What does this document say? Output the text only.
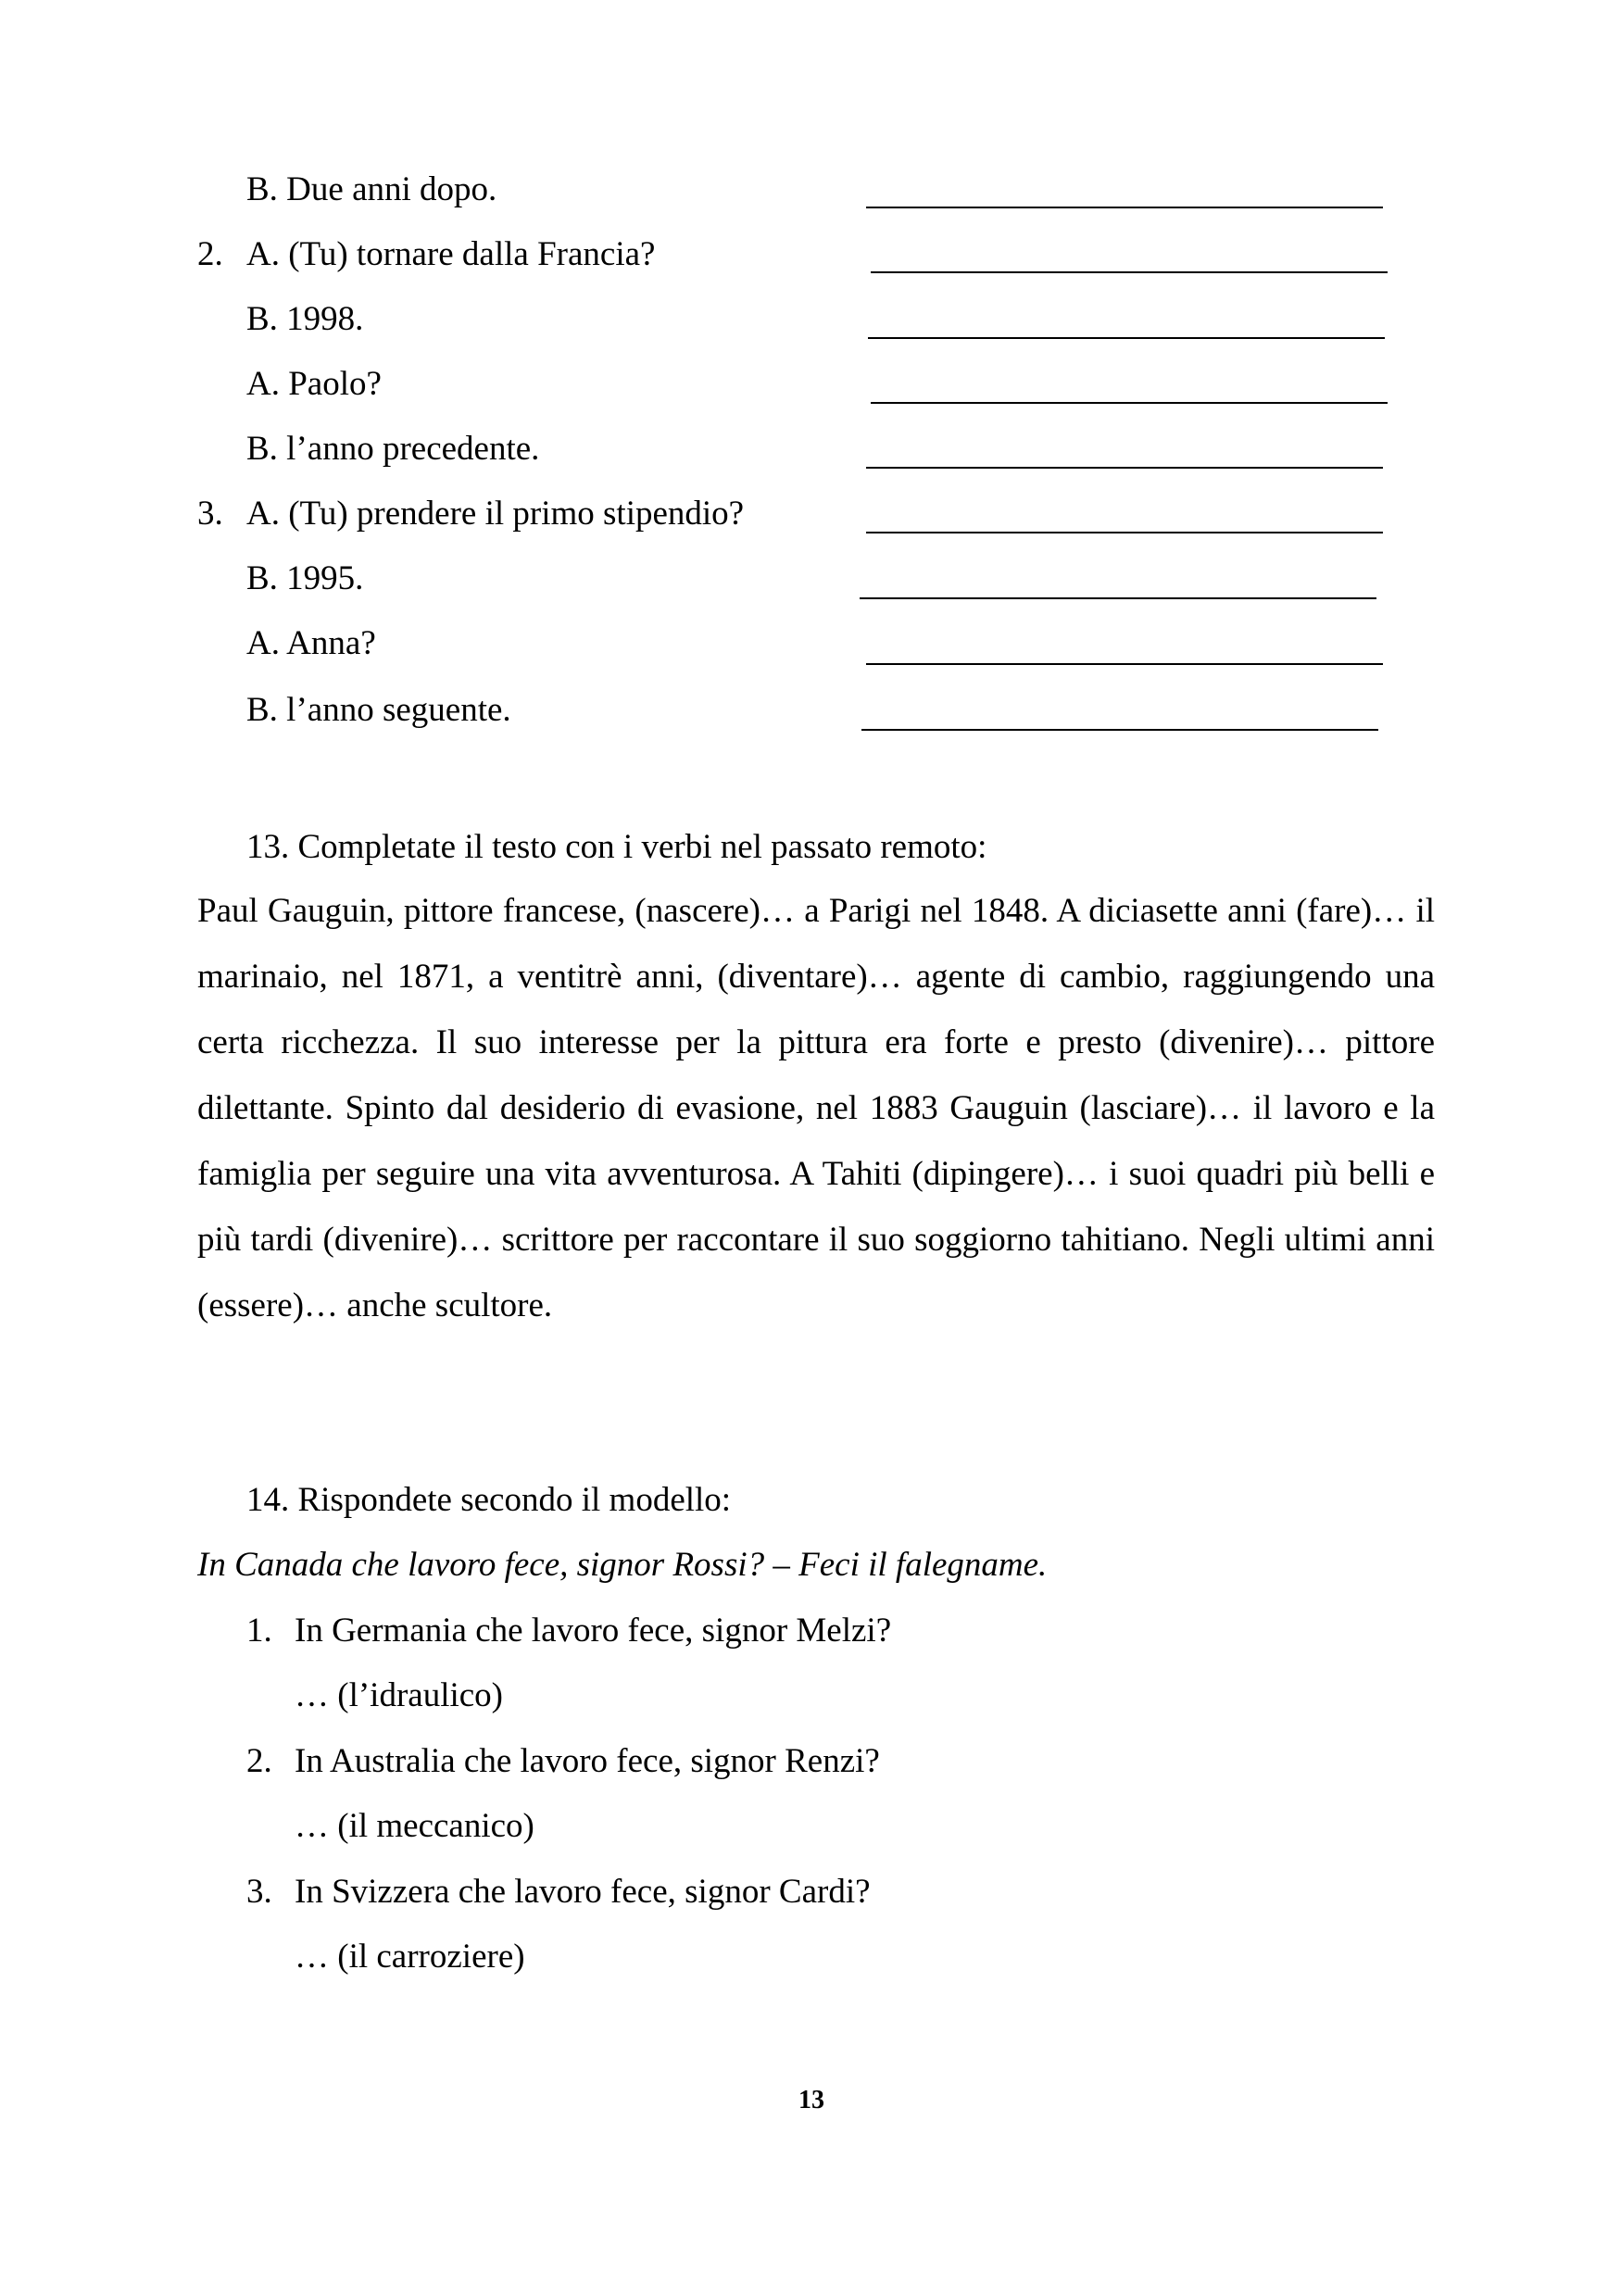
B. Due anni dopo.
2. A. (Tu) tornare dalla Francia?
B. 1998.
A. Paolo?
B. l’anno precedente.
3. A. (Tu) prendere il primo stipendio?
B. 1995.
A. Anna?
B. l’anno seguente.
13. Completate il testo con i verbi nel passato remoto:
Paul Gauguin, pittore francese, (nascere)… a Parigi nel 1848. A diciasette anni (fare)… il marinaio, nel 1871, a ventitrè anni, (diventare)… agente di cambio, raggiungendo una certa ricchezza. Il suo interesse per la pittura era forte e presto (divenire)… pittore dilettante. Spinto dal desiderio di evasione, nel 1883 Gauguin (lasciare)… il lavoro e la famiglia per seguire una vita avventurosa. A Tahiti (dipingere)… i suoi quadri più belli e più tardi (divenire)… scrittore per raccontare il suo soggiorno tahitiano. Negli ultimi anni (essere)… anche scultore.
14. Rispondete secondo il modello:
In Canada che lavoro fece, signor Rossi? – Feci il falegname.
1. In Germania che lavoro fece, signor Melzi?
… (l’idraulico)
2. In Australia che lavoro fece, signor Renzi?
… (il meccanico)
3. In Svizzera che lavoro fece, signor Cardi?
… (il carroziere)
13
